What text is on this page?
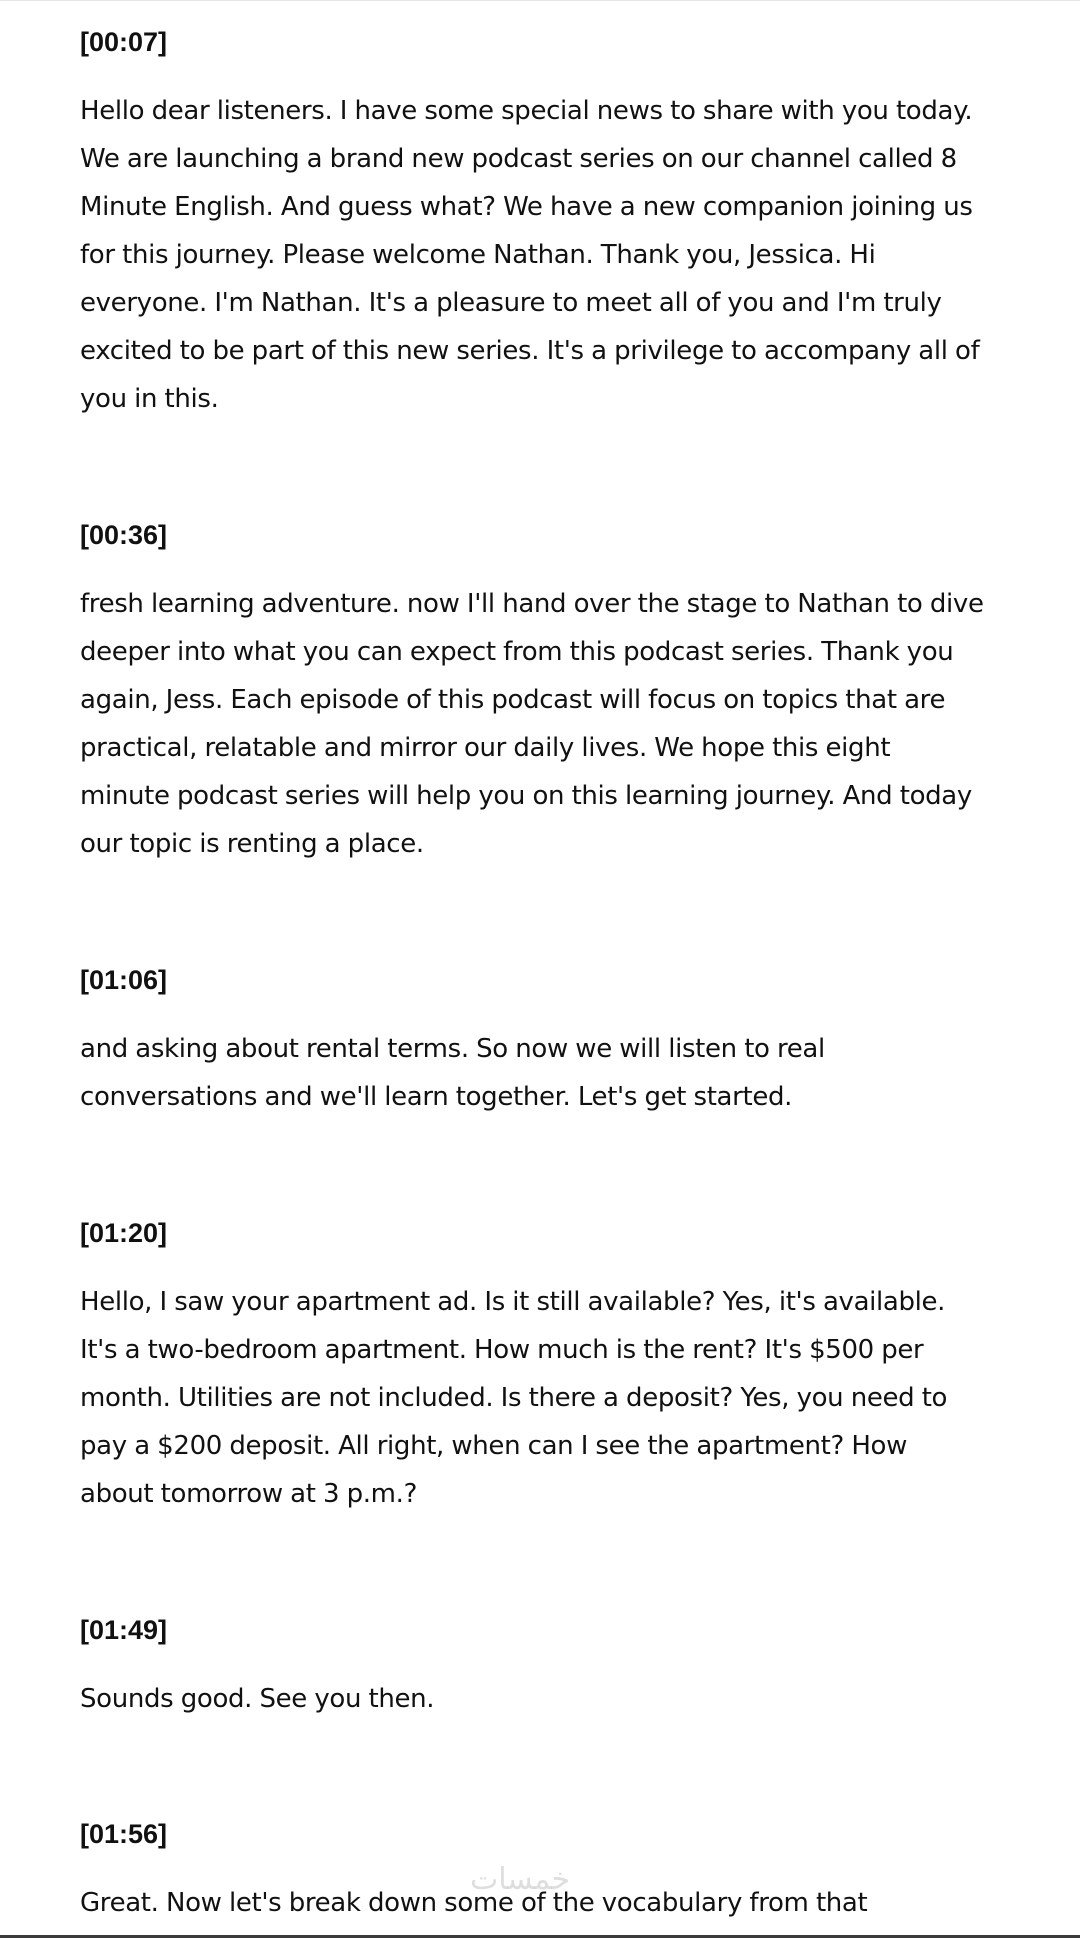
[00:07]
Hello dear listeners. I have some special news to share with you today.
We are launching a brand new podcast series on our channel called 8
Minute English. And guess what? We have a new companion joining us
for this journey. Please welcome Nathan. Thank you, Jessica. Hi
everyone. I'm Nathan. It's a pleasure to meet all of you and I'm truly
excited to be part of this new series. It's a privilege to accompany all of
you in this.
[00:36]
fresh learning adventure. now I'll hand over the stage to Nathan to dive
deeper into what you can expect from this podcast series. Thank you
again, Jess. Each episode of this podcast will focus on topics that are
practical, relatable and mirror our daily lives. We hope this eight
minute podcast series will help you on this learning journey. And today
our topic is renting a place.
[01:06]
and asking about rental terms. So now we will listen to real
conversations and we'll learn together. Let's get started.
[01:20]
Hello, I saw your apartment ad. Is it still available? Yes, it's available.
It's a two-bedroom apartment. How much is the rent? It's $500 per
month. Utilities are not included. Is there a deposit? Yes, you need to
pay a $200 deposit. All right, when can I see the apartment? How
about tomorrow at 3 p.m.?
[01:49]
Sounds good. See you then.
[01:56]
Great. Now let's break down some of the vocabulary from that
خمسات
